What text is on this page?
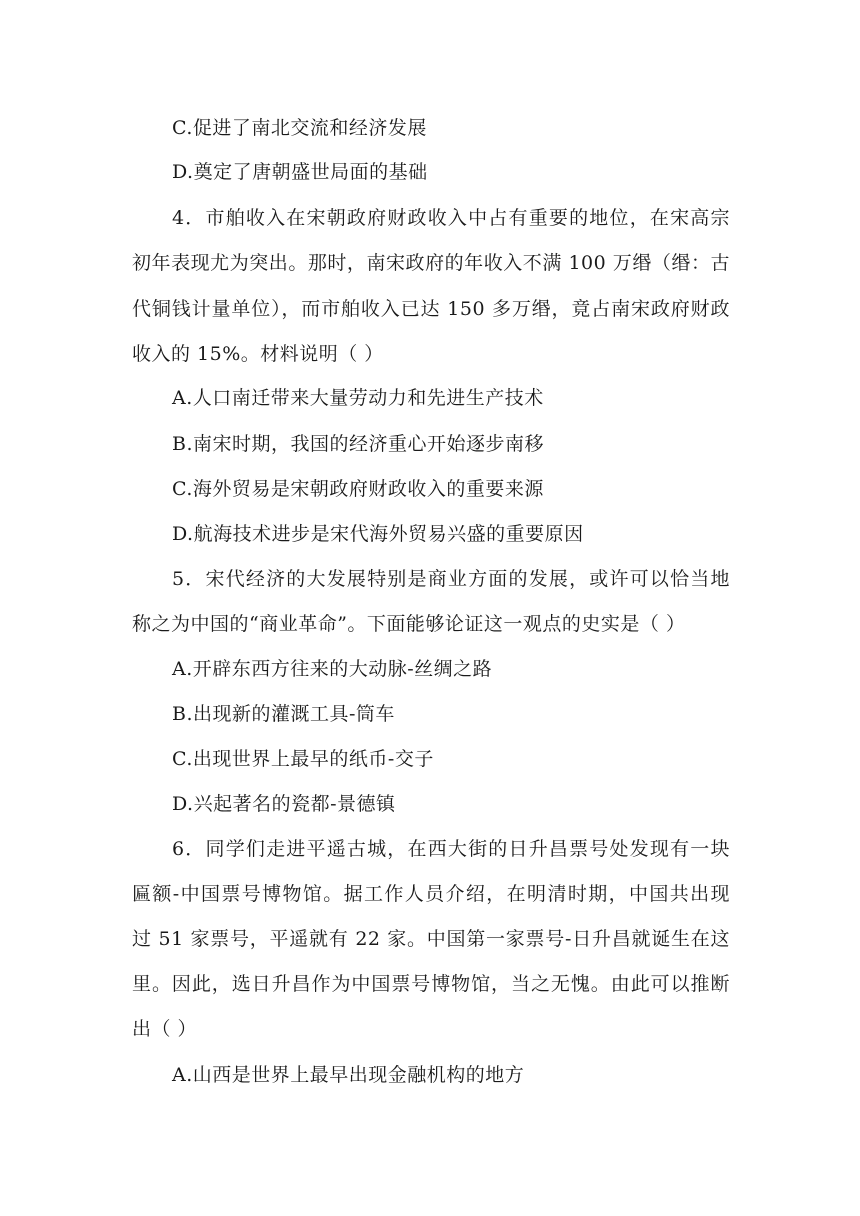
C.促进了南北交流和经济发展
D.奠定了唐朝盛世局面的基础
4．市舶收入在宋朝政府财政收入中占有重要的地位，在宋高宗
初年表现尤为突出。那时，南宋政府的年收入不满 100 万缗（缗：古
代铜钱计量单位），而市舶收入已达 150 多万缗，竟占南宋政府财政
收入的 15%。材料说明（ ）
A.人口南迁带来大量劳动力和先进生产技术
B.南宋时期，我国的经济重心开始逐步南移
C.海外贸易是宋朝政府财政收入的重要来源
D.航海技术进步是宋代海外贸易兴盛的重要原因
5．宋代经济的大发展特别是商业方面的发展，或许可以恰当地
称之为中国的“商业革命”。下面能够论证这一观点的史实是（ ）
A.开辟东西方往来的大动脉-丝绸之路
B.出现新的灌溉工具-筒车
C.出现世界上最早的纸币-交子
D.兴起著名的瓷都-景德镇
6．同学们走进平遥古城，在西大街的日升昌票号处发现有一块
匾额-中国票号博物馆。据工作人员介绍，在明清时期，中国共出现
过 51 家票号，平遥就有 22 家。中国第一家票号-日升昌就诞生在这
里。因此，选日升昌作为中国票号博物馆，当之无愧。由此可以推断
出（ ）
A.山西是世界上最早出现金融机构的地方
